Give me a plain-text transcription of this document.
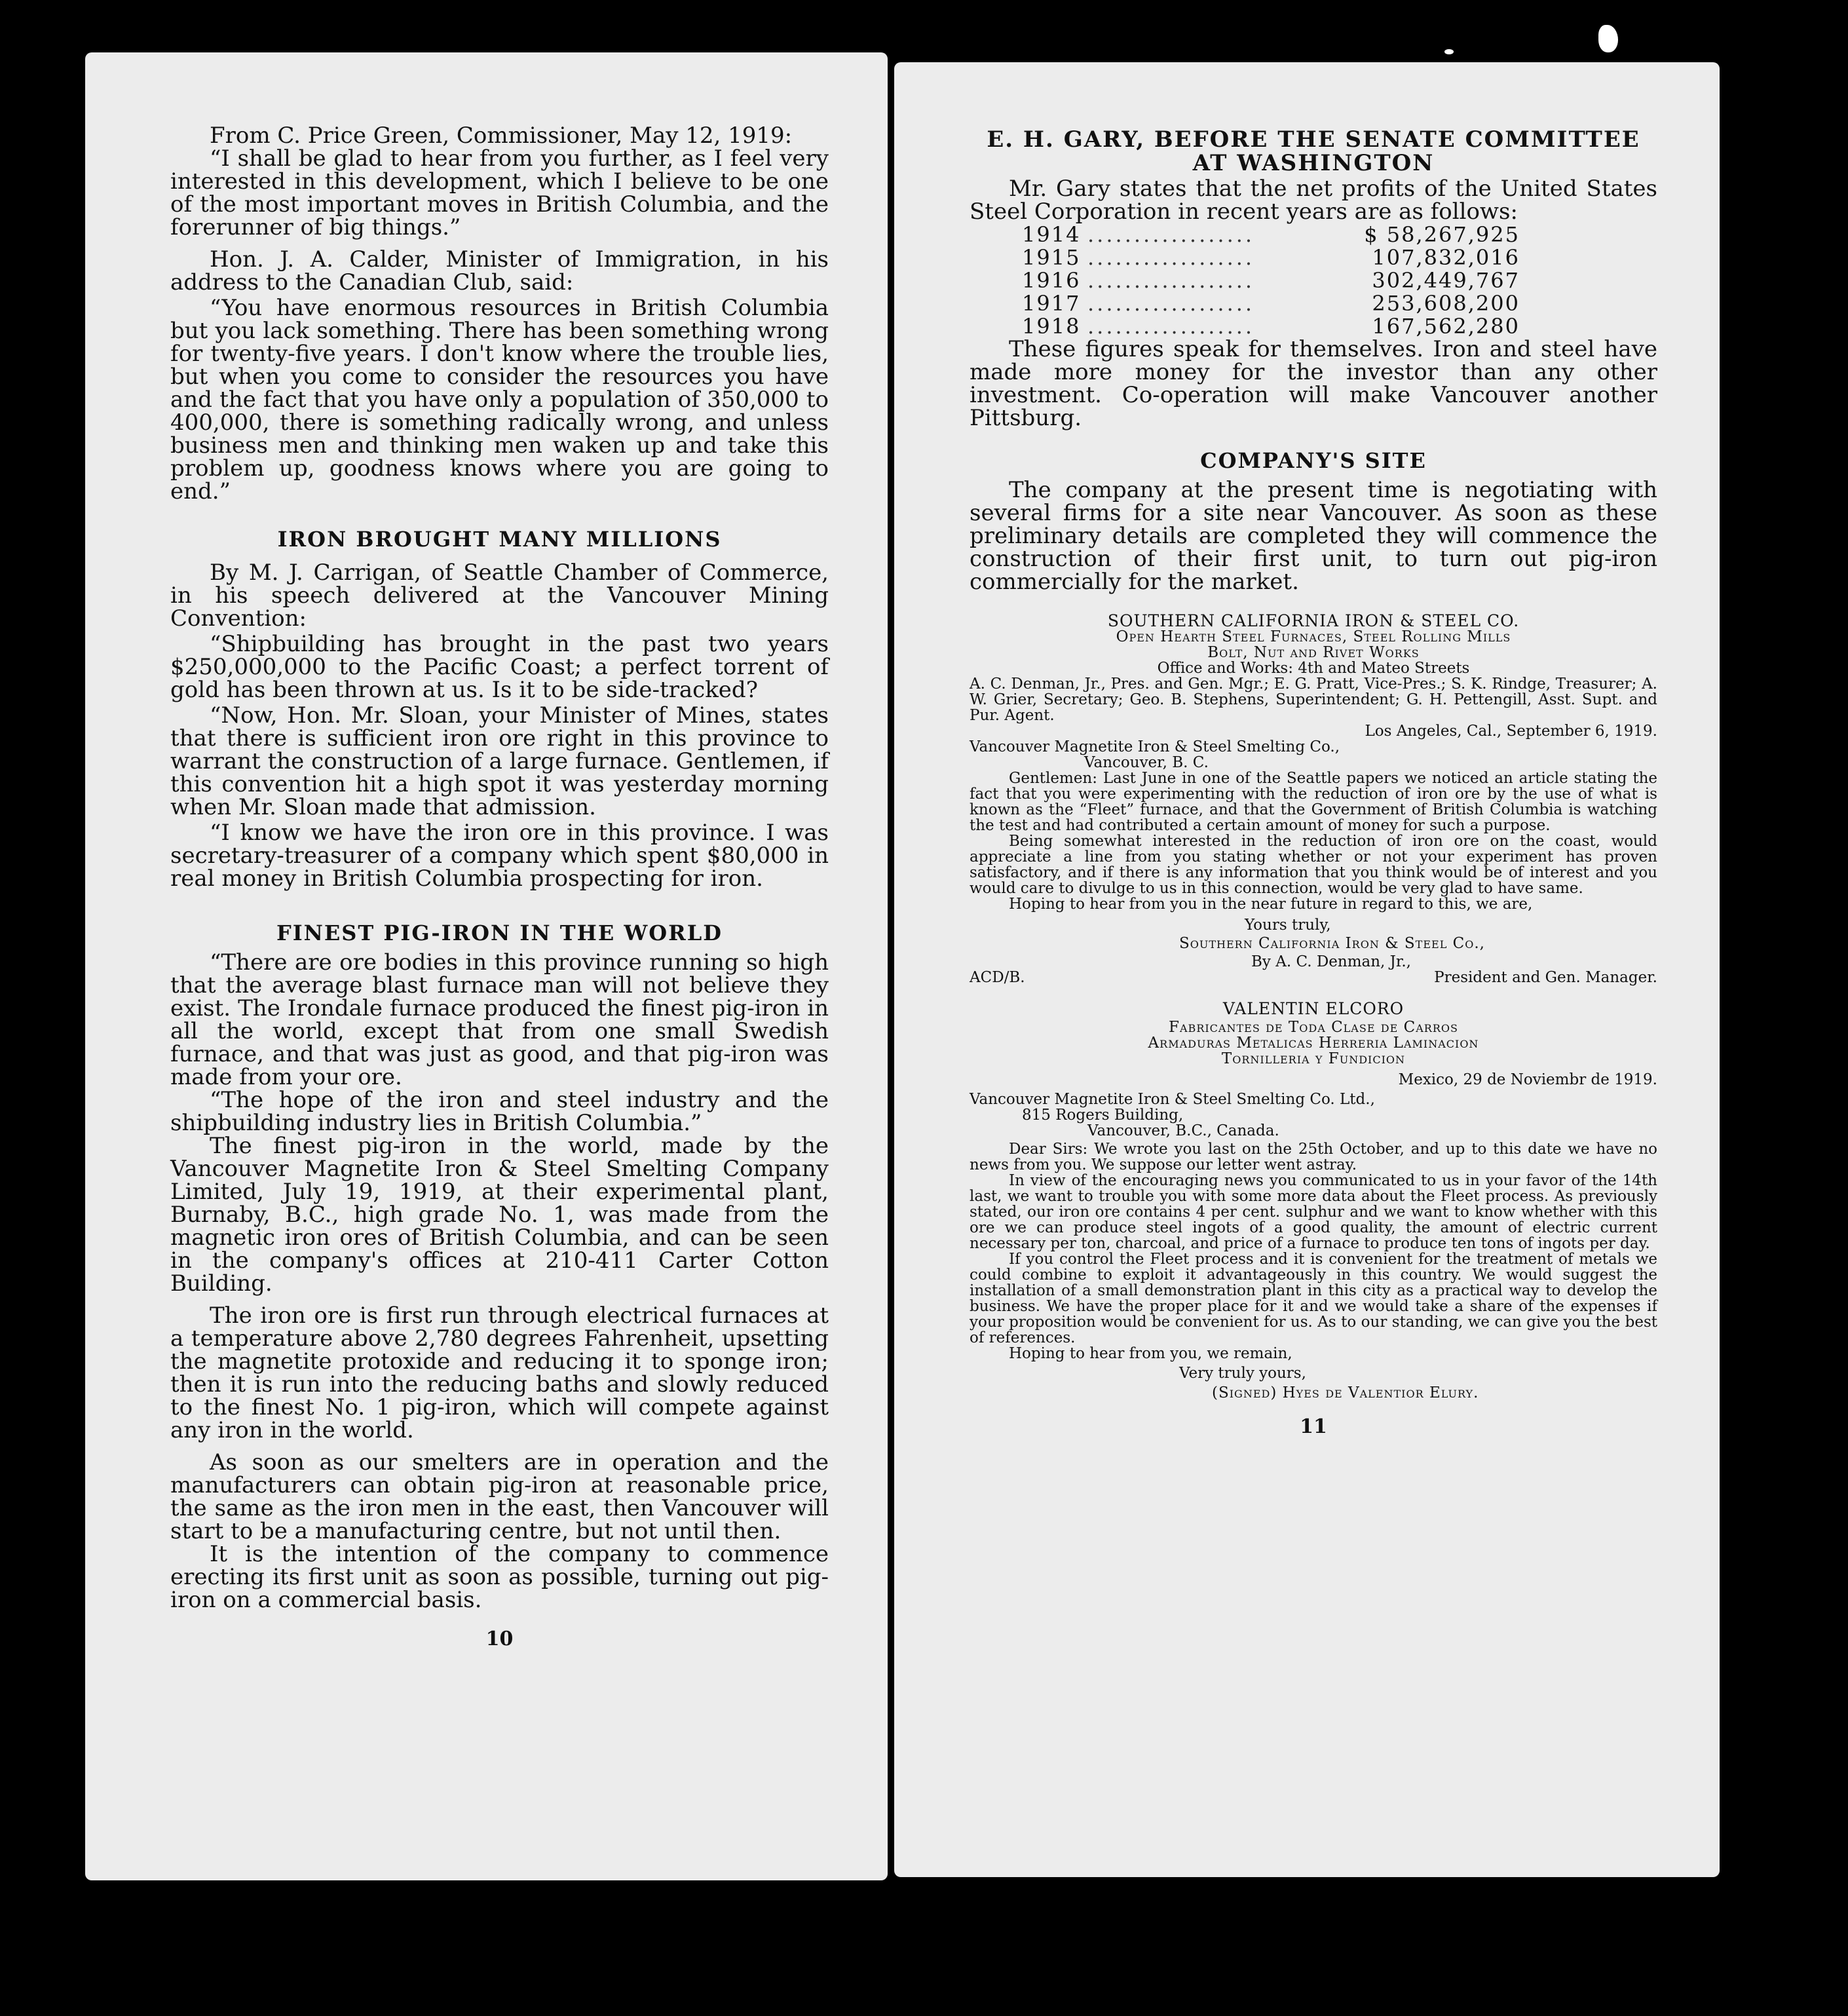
From C. Price Green, Commissioner, May 12, 1919:

“I shall be glad to hear from you further, as I feel very interested in this development, which I believe to be one of the most important moves in British Columbia, and the forerunner of big things.”

Hon. J. A. Calder, Minister of Immigration, in his address to the Canadian Club, said:

“You have enormous resources in British Columbia but you lack something. There has been something wrong for twenty-five years. I don't know where the trouble lies, but when you come to consider the resources you have and the fact that you have only a population of 350,000 to 400,000, there is something radically wrong, and unless business men and thinking men waken up and take this problem up, goodness knows where you are going to end.”

IRON BROUGHT MANY MILLIONS

By M. J. Carrigan, of Seattle Chamber of Commerce, in his speech delivered at the Vancouver Mining Convention:

“Shipbuilding has brought in the past two years $250,000,000 to the Pacific Coast; a perfect torrent of gold has been thrown at us. Is it to be side-tracked?

“Now, Hon. Mr. Sloan, your Minister of Mines, states that there is sufficient iron ore right in this province to warrant the construction of a large furnace. Gentlemen, if this convention hit a high spot it was yesterday morning when Mr. Sloan made that admission.

“I know we have the iron ore in this province. I was secretary-treasurer of a company which spent $80,000 in real money in British Columbia prospecting for iron.

FINEST PIG-IRON IN THE WORLD

“There are ore bodies in this province running so high that the average blast furnace man will not believe they exist. The Irondale furnace produced the finest pig-iron in all the world, except that from one small Swedish furnace, and that was just as good, and that pig-iron was made from your ore.

“The hope of the iron and steel industry and the shipbuilding industry lies in British Columbia.”

The finest pig-iron in the world, made by the Vancouver Magnetite Iron & Steel Smelting Company Limited, July 19, 1919, at their experimental plant, Burnaby, B.C., high grade No. 1, was made from the magnetic iron ores of British Columbia, and can be seen in the company's offices at 210-411 Carter Cotton Building.

The iron ore is first run through electrical furnaces at a temperature above 2,780 degrees Fahrenheit, upsetting the magnetite protoxide and reducing it to sponge iron; then it is run into the reducing baths and slowly reduced to the finest No. 1 pig-iron, which will compete against any iron in the world.

As soon as our smelters are in operation and the manufacturers can obtain pig-iron at reasonable price, the same as the iron men in the east, then Vancouver will start to be a manufacturing centre, but not until then.

It is the intention of the company to commence erecting its first unit as soon as possible, turning out pig-iron on a commercial basis.

10

E. H. GARY, BEFORE THE SENATE COMMITTEE

AT WASHINGTON

Mr. Gary states that the net profits of the United States Steel Corporation in recent years are as follows:

1914	..................	$ 58,267,925
1915	..................	107,832,016
1916	..................	302,449,767
1917	..................	253,608,200
1918	..................	167,562,280

These figures speak for themselves. Iron and steel have made more money for the investor than any other investment. Co-operation will make Vancouver another Pittsburg.

COMPANY'S SITE

The company at the present time is negotiating with several firms for a site near Vancouver. As soon as these preliminary details are completed they will commence the construction of their first unit, to turn out pig-iron commercially for the market.

SOUTHERN CALIFORNIA IRON & STEEL CO.

Open Hearth Steel Furnaces, Steel Rolling Mills

Bolt, Nut and Rivet Works

Office and Works: 4th and Mateo Streets

A. C. Denman, Jr., Pres. and Gen. Mgr.; E. G. Pratt, Vice-Pres.; S. K. Rindge, Treasurer; A. W. Grier, Secretary; Geo. B. Stephens, Superintendent; G. H. Pettengill, Asst. Supt. and Pur. Agent.

Los Angeles, Cal., September 6, 1919.

Vancouver Magnetite Iron & Steel Smelting Co.,

Vancouver, B. C.

Gentlemen: Last June in one of the Seattle papers we noticed an article stating the fact that you were experimenting with the reduction of iron ore by the use of what is known as the “Fleet” furnace, and that the Government of British Columbia is watching the test and had contributed a certain amount of money for such a purpose.

Being somewhat interested in the reduction of iron ore on the coast, would appreciate a line from you stating whether or not your experiment has proven satisfactory, and if there is any information that you think would be of interest and you would care to divulge to us in this connection, would be very glad to have same.

Hoping to hear from you in the near future in regard to this, we are,

Yours truly,

Southern California Iron & Steel Co.,

By A. C. Denman, Jr.,

ACD/B.	President and Gen. Manager.

VALENTIN ELCORO

Fabricantes de Toda Clase de Carros

Armaduras Metalicas Herreria Laminacion

Tornilleria y Fundicion

Mexico, 29 de Noviembr de 1919.

Vancouver Magnetite Iron & Steel Smelting Co. Ltd.,

815 Rogers Building,

Vancouver, B.C., Canada.

Dear Sirs: We wrote you last on the 25th October, and up to this date we have no news from you. We suppose our letter went astray.

In view of the encouraging news you communicated to us in your favor of the 14th last, we want to trouble you with some more data about the Fleet process. As previously stated, our iron ore contains 4 per cent. sulphur and we want to know whether with this ore we can produce steel ingots of a good quality, the amount of electric current necessary per ton, charcoal, and price of a furnace to produce ten tons of ingots per day.

If you control the Fleet process and it is convenient for the treatment of metals we could combine to exploit it advantageously in this country. We would suggest the installation of a small demonstration plant in this city as a practical way to develop the business. We have the proper place for it and we would take a share of the expenses if your proposition would be convenient for us. As to our standing, we can give you the best of references.

Hoping to hear from you, we remain,

Very truly yours,

(Signed) Hyes de Valentior Elury.

11
